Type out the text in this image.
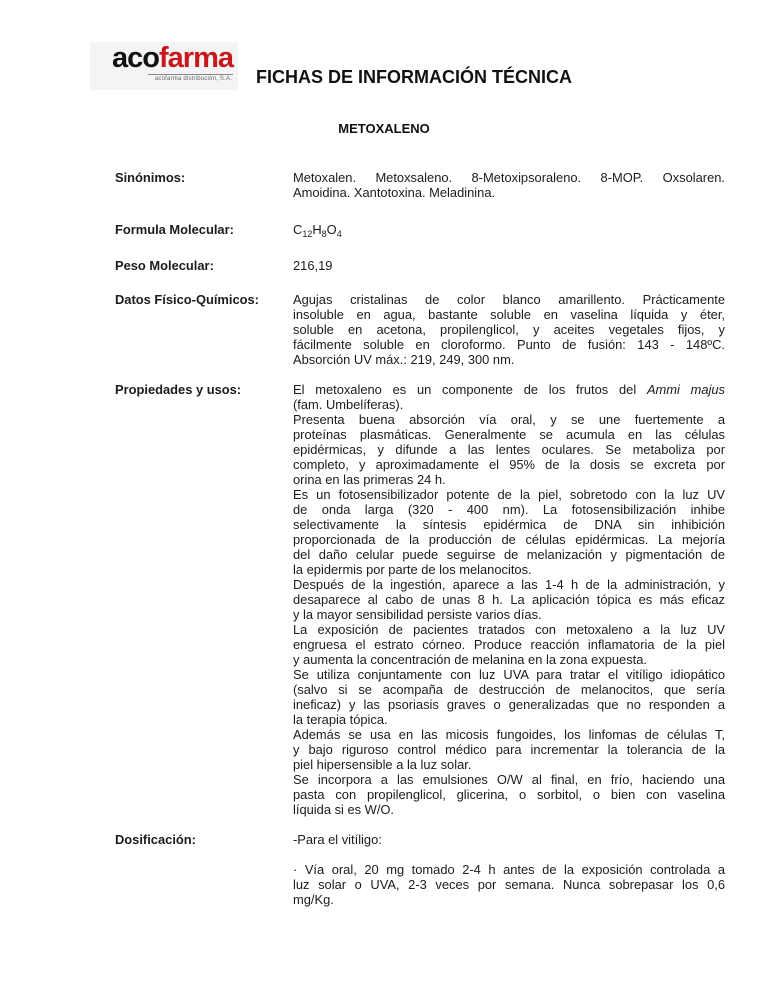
acofarma
acofarma distribución, S.A.	FICHAS DE INFORMACIÓN TÉCNICA
METOXALENO
Sinónimos:	Metoxalen. Metoxsaleno. 8-Metoxipsoraleno. 8-MOP. Oxsolaren.
Amoidina. Xantotoxina. Meladinina.
Formula Molecular:	$C_{12}H_8O_4$
Peso Molecular:	216,19
Datos Físico-Químicos:	Agujas cristalinas de color blanco amarillento. Prácticamente
insoluble en agua, bastante soluble en vaselina líquida y éter,
soluble en acetona, propilenglicol, y aceites vegetales fijos, y
fácilmente soluble en cloroformo. Punto de fusión: 143 - 148ºC.
Absorción UV máx.: 219, 249, 300 nm.
Propiedades y usos:	El metoxaleno es un componente de los frutos del Ammi majus
(fam. Umbelíferas).
Presenta buena absorción vía oral, y se une fuertemente a
proteínas plasmáticas. Generalmente se acumula en las células
epidérmicas, y difunde a las lentes oculares. Se metaboliza por
completo, y aproximadamente el 95% de la dosis se excreta por
orina en las primeras 24 h.
Es un fotosensibilizador potente de la piel, sobretodo con la luz UV
de onda larga (320 - 400 nm). La fotosensibilización inhibe
selectivamente la síntesis epidérmica de DNA sin inhibición
proporcionada de la producción de células epidérmicas. La mejoría
del daño celular puede seguirse de melanización y pigmentación de
la epidermis por parte de los melanocitos.
Después de la ingestión, aparece a las 1-4 h de la administración, y
desaparece al cabo de unas 8 h. La aplicación tópica es más eficaz
y la mayor sensibilidad persiste varios días.
La exposición de pacientes tratados con metoxaleno a la luz UV
engruesa el estrato córneo. Produce reacción inflamatoria de la piel
y aumenta la concentración de melanina en la zona expuesta.
Se utiliza conjuntamente con luz UVA para tratar el vitíligo idiopático
(salvo si se acompaña de destrucción de melanocitos, que sería
ineficaz) y las psoriasis graves o generalizadas que no responden a
la terapia tópica.
Además se usa en las micosis fungoides, los linfomas de células T,
y bajo riguroso control médico para incrementar la tolerancia de la
piel hipersensible a la luz solar.
Se incorpora a las emulsiones O/W al final, en frío, haciendo una
pasta con propilenglicol, glicerina, o sorbitol, o bien con vaselina
líquida si es W/O.
Dosificación:	-Para el vitíligo:
· Vía oral, 20 mg tomado 2-4 h antes de la exposición controlada a
luz solar o UVA, 2-3 veces por semana. Nunca sobrepasar los 0,6
mg/Kg.
